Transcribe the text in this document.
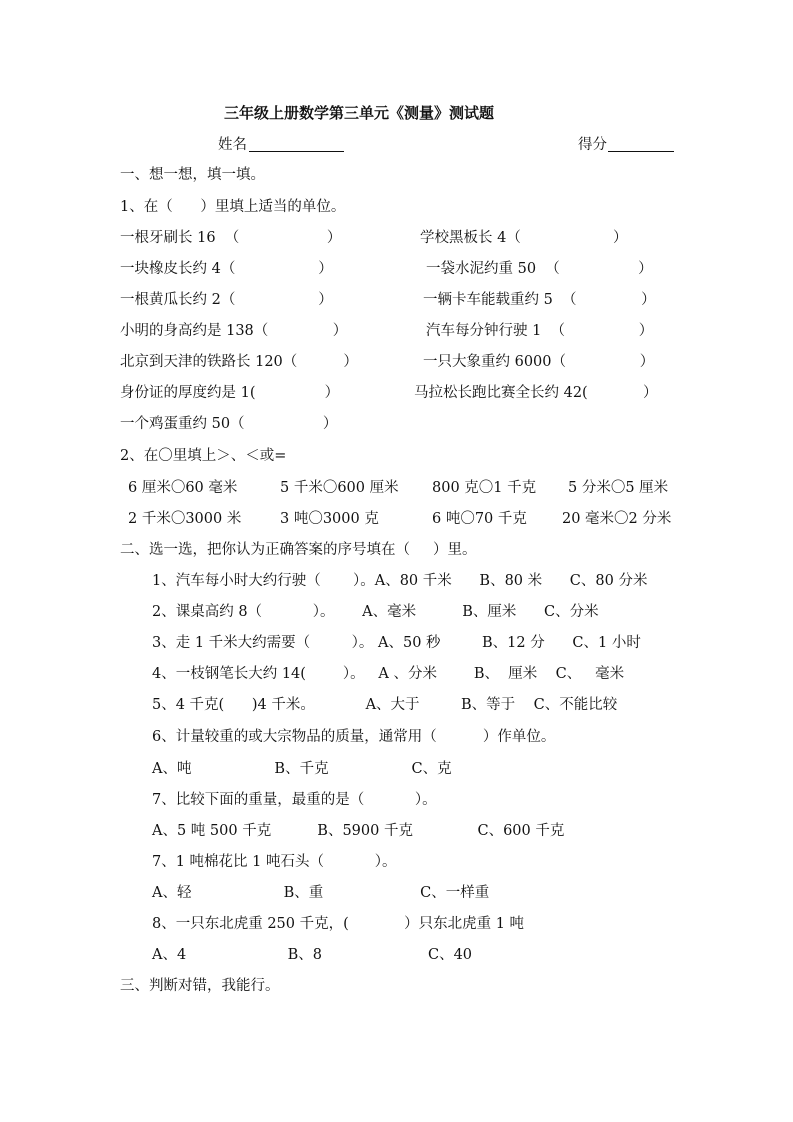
三年级上册数学第三单元《测量》测试题
姓名	得分
一、想一想，填一填。
1、在（      ）里填上适当的单位。
一根牙刷长 16  （                   ）	学校黑板长 4（                    ）
一块橡皮长约 4（                  ）	一袋水泥约重 50  （                 ）
一根黄瓜长约 2（                  ）	一辆卡车能载重约 5  （              ）
小明的身高约是 138（              ）	汽车每分钟行驶 1  （                ）
北京到天津的铁路长 120（          ）	一只大象重约 6000（                ）
身份证的厚度约是 1(               ）	马拉松长跑比赛全长约 42(            ）
一个鸡蛋重约 50（                 ）
2、在〇里填上＞、＜或=
6 厘米〇60 毫米	5 千米〇600 厘米 800 克〇1 千克 5 分米〇5 厘米
2 千米〇3000 米	3 吨〇3000 克	6 吨〇70 千克 20 毫米〇2 分米
二、选一选，把你认为正确答案的序号填在（     ）里。
1、汽车每小时大约行驶（       ）。A、80 千米      B、80 米      C、80 分米
2、课桌高约 8（           ）。      A、毫米          B、厘米      C、分米
3、走 1 千米大约需要（         ）。 A、50 秒         B、12 分      C、1 小时
4、一枝钢笔长大约 14(        ）。   A 、分米        B、  厘米    C、   毫米
5、4 千克(      )4 千米。           A、大于         B、等于    C、不能比较
6、计量较重的或大宗物品的质量，通常用（          ）作单位。
A、吨                  B、千克                  C、克
7、比较下面的重量，最重的是（           ）。
A、5 吨 500 千克          B、5900 千克              C、600 千克
7、1 吨棉花比 1 吨石头（           ）。
A、轻                    B、重                     C、一样重
8、一只东北虎重 250 千克，(            ）只东北虎重 1 吨
A、4                      B、8                       C、40
三、判断对错，我能行。
